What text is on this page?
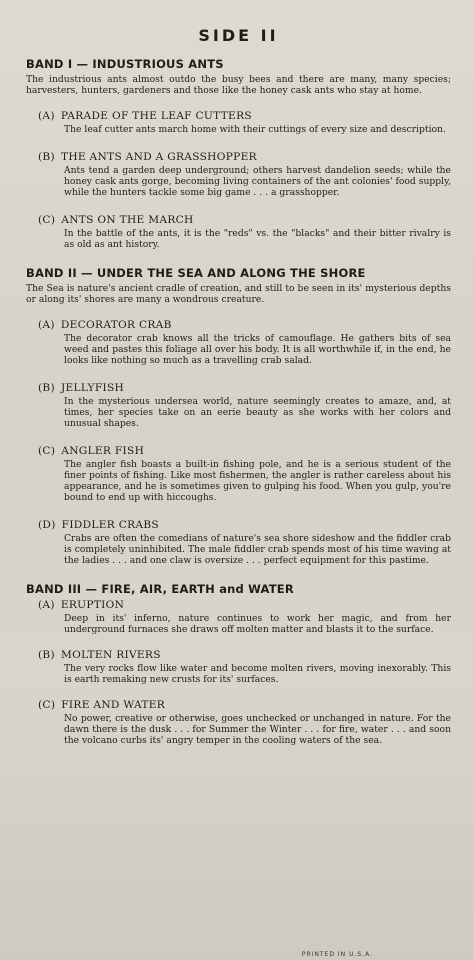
SIDE II
BAND I — INDUSTRIOUS ANTS
The industrious ants almost outdo the busy bees and there are many, many species; harvesters, hunters, gardeners and those like the honey cask ants who stay at home.
(A) PARADE OF THE LEAF CUTTERS
The leaf cutter ants march home with their cuttings of every size and description.
(B) THE ANTS AND A GRASSHOPPER
Ants tend a garden deep underground; others harvest dandelion seeds; while the honey cask ants gorge, becoming living containers of the ant colonies' food supply, while the hunters tackle some big game . . . a grasshopper.
(C) ANTS ON THE MARCH
In the battle of the ants, it is the "reds" vs. the "blacks" and their bitter rivalry is as old as ant history.
BAND II — UNDER THE SEA AND ALONG THE SHORE
The Sea is nature's ancient cradle of creation, and still to be seen in its' mysterious depths or along its' shores are many a wondrous creature.
(A) DECORATOR CRAB
The decorator crab knows all the tricks of camouflage. He gathers bits of sea weed and pastes this foliage all over his body. It is all worthwhile if, in the end, he looks like nothing so much as a travelling crab salad.
(B) JELLYFISH
In the mysterious undersea world, nature seemingly creates to amaze, and, at times, her species take on an eerie beauty as she works with her colors and unusual shapes.
(C) ANGLER FISH
The angler fish boasts a built-in fishing pole, and he is a serious student of the finer points of fishing. Like most fishermen, the angler is rather careless about his appearance, and he is sometimes given to gulping his food. When you gulp, you're bound to end up with hiccoughs.
(D) FIDDLER CRABS
Crabs are often the comedians of nature's sea shore sideshow and the fiddler crab is completely uninhibited. The male fiddler crab spends most of his time waving at the ladies . . . and one claw is oversize . . . perfect equipment for this pastime.
BAND III — FIRE, AIR, EARTH and WATER
(A) ERUPTION
Deep in its' inferno, nature continues to work her magic, and from her underground furnaces she draws off molten matter and blasts it to the surface.
(B) MOLTEN RIVERS
The very rocks flow like water and become molten rivers, moving inexorably. This is earth remaking new crusts for its' surfaces.
(C) FIRE AND WATER
No power, creative or otherwise, goes unchecked or unchanged in nature. For the dawn there is the dusk . . . for Summer the Winter . . . for fire, water . . . and soon the volcano curbs its' angry temper in the cooling waters of the sea.
PRINTED IN U.S.A.
